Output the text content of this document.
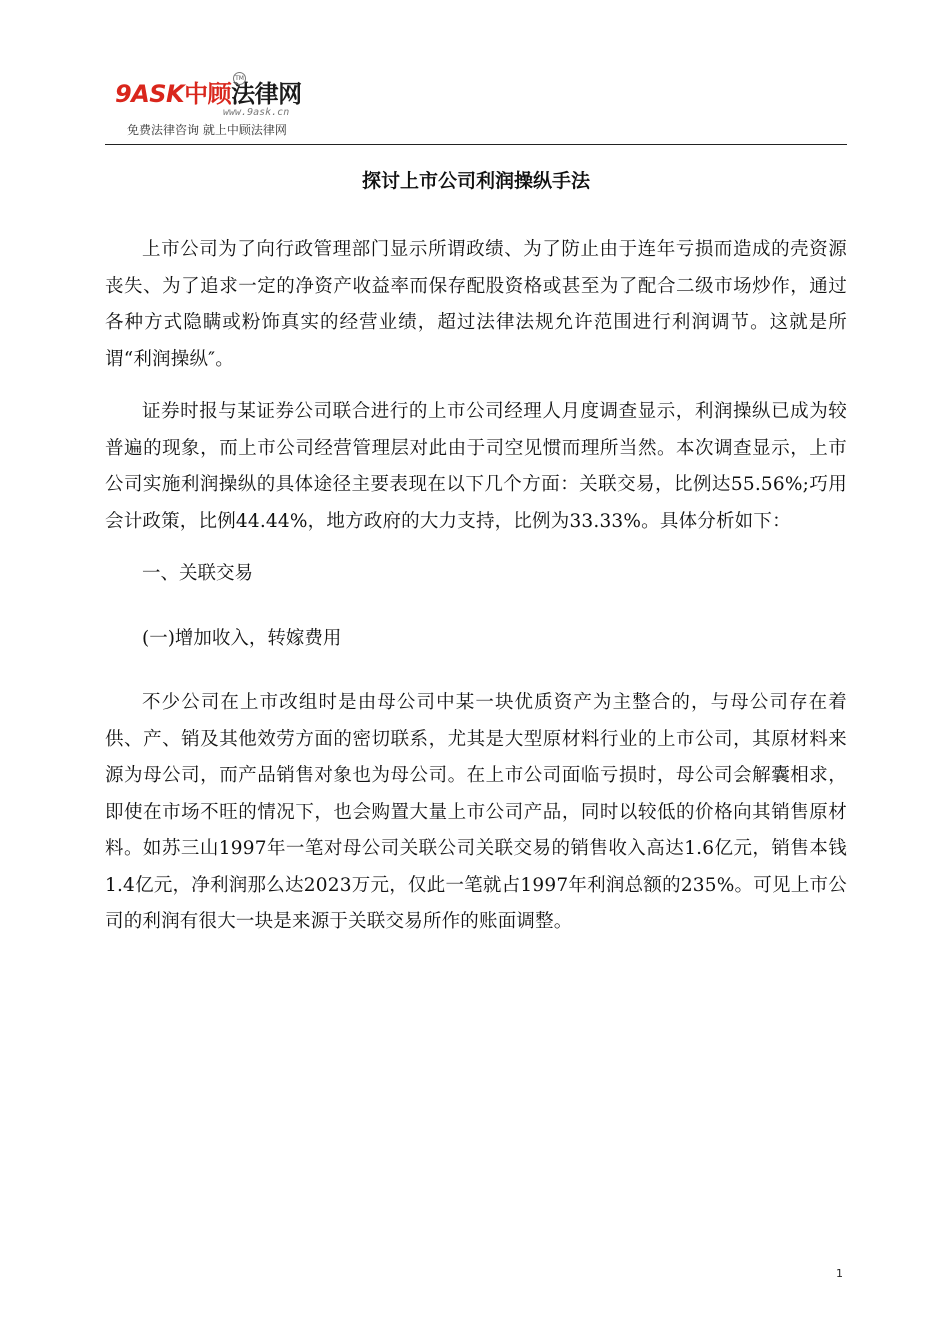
9ASK中顾法律网
TM
www.9ask.cn
免费法律咨询 就上中顾法律网
探讨上市公司利润操纵手法

上市公司为了向行政管理部门显示所谓政绩、为了防止由于连年亏损而造成的壳资源丧失、为了追求一定的净资产收益率而保存配股资格或甚至为了配合二级市场炒作，通过各种方式隐瞒或粉饰真实的经营业绩，超过法律法规允许范围进行利润调节。这就是所谓“利润操纵″。

证券时报与某证券公司联合进行的上市公司经理人月度调查显示，利润操纵已成为较普遍的现象，而上市公司经营管理层对此由于司空见惯而理所当然。本次调查显示，上市公司实施利润操纵的具体途径主要表现在以下几个方面：关联交易，比例达55.56%;巧用会计政策，比例44.44%，地方政府的大力支持，比例为33.33%。具体分析如下：

一、关联交易

(一)增加收入，转嫁费用

不少公司在上市改组时是由母公司中某一块优质资产为主整合的，与母公司存在着供、产、销及其他效劳方面的密切联系，尤其是大型原材料行业的上市公司，其原材料来源为母公司，而产品销售对象也为母公司。在上市公司面临亏损时，母公司会解囊相求，即使在市场不旺的情况下，也会购置大量上市公司产品，同时以较低的价格向其销售原材料。如苏三山1997年一笔对母公司关联公司关联交易的销售收入高达1.6亿元，销售本钱1.4亿元，净利润那么达2023万元，仅此一笔就占1997年利润总额的235%。可见上市公司的利润有很大一块是来源于关联交易所作的账面调整。

1
